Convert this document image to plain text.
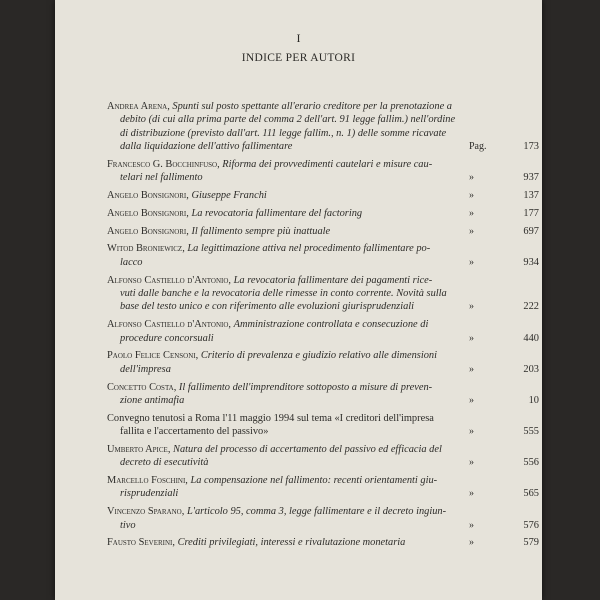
I
INDICE PER AUTORI
Andrea Arena, Spunti sul posto spettante all'erario creditore per la prenotazione a
debito (di cui alla prima parte del comma 2 dell'art. 91 legge fallim.) nell'ordine
di distribuzione (previsto dall'art. 111 legge fallim., n. 1) delle somme ricavate
dalla liquidazione dell'attivo fallimentare	Pag.	173
Francesco G. Bocchinfuso, Riforma dei provvedimenti cautelari e misure cau-
telari nel fallimento	»	937
Angelo Bonsignori, Giuseppe Franchi	»	137
Angelo Bonsignori, La revocatoria fallimentare del factoring	»	177
Angelo Bonsignori, Il fallimento sempre più inattuale	»	697
Witod Broniewicz, La legittimazione attiva nel procedimento fallimentare po-
lacco	»	934
Alfonso Castiello d'Antonio, La revocatoria fallimentare dei pagamenti rice-
vuti dalle banche e la revocatoria delle rimesse in conto corrente. Novità sulla
base del testo unico e con riferimento alle evoluzioni giurisprudenziali	»	222
Alfonso Castiello d'Antonio, Amministrazione controllata e consecuzione di
procedure concorsuali	»	440
Paolo Felice Censoni, Criterio di prevalenza e giudizio relativo alle dimensioni
dell'impresa	»	203
Concetto Costa, Il fallimento dell'imprenditore sottoposto a misure di preven-
zione antimafia	»	10
Convegno tenutosi a Roma l'11 maggio 1994 sul tema «I creditori dell'impresa
fallita e l'accertamento del passivo»	»	555
Umberto Apice, Natura del processo di accertamento del passivo ed efficacia del
decreto di esecutività	»	556
Marcello Foschini, La compensazione nel fallimento: recenti orientamenti giu-
risprudenziali	»	565
Vincenzo Sparano, L'articolo 95, comma 3, legge fallimentare e il decreto ingiun-
tivo	»	576
Fausto Severini, Crediti privilegiati, interessi e rivalutazione monetaria	»	579
